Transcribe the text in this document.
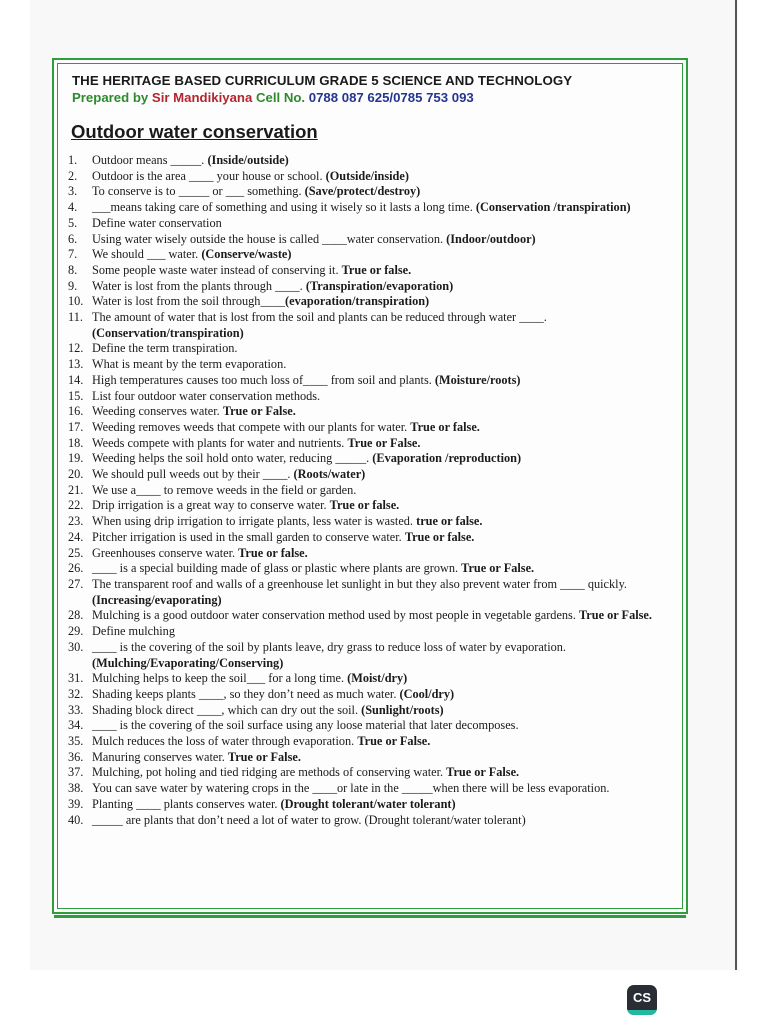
THE HERITAGE BASED CURRICULUM GRADE 5 SCIENCE AND TECHNOLOGY
Prepared by Sir Mandikiyana Cell No. 0788 087 625/0785 753 093
Outdoor water conservation
1.	Outdoor means _____. (Inside/outside)
2.	Outdoor is the area ____ your house or school. (Outside/inside)
3.	To conserve is to _____ or ___ something. (Save/protect/destroy)
4.	___means taking care of something and using it wisely so it lasts a long time. (Conservation /transpiration)
5.	Define water conservation
6.	Using water wisely outside the house is called ____water conservation. (Indoor/outdoor)
7.	We should ___ water. (Conserve/waste)
8.	Some people waste water instead of conserving it. True or false.
9.	Water is lost from the plants through ____. (Transpiration/evaporation)
10. Water is lost from the soil through____(evaporation/transpiration)
11. The amount of water that is lost from the soil and plants can be reduced through water ____. (Conservation/transpiration)
12. Define the term transpiration.
13. What is meant by the term evaporation.
14. High temperatures causes too much loss of____ from soil and plants. (Moisture/roots)
15. List four outdoor water conservation methods.
16. Weeding conserves water. True or False.
17. Weeding removes weeds that compete with our plants for water. True or false.
18. Weeds compete with plants for water and nutrients. True or False.
19. Weeding helps the soil hold onto water, reducing _____. (Evaporation /reproduction)
20. We should pull weeds out by their ____. (Roots/water)
21. We use a____ to remove weeds in the field or garden.
22. Drip irrigation is a great way to conserve water. True or false.
23. When using drip irrigation to irrigate plants, less water is wasted. true or false.
24. Pitcher irrigation is used in the small garden to conserve water. True or false.
25. Greenhouses conserve water. True or false.
26. ____ is a special building made of glass or plastic where plants are grown. True or False.
27. The transparent roof and walls of a greenhouse let sunlight in but they also prevent water from ____ quickly. (Increasing/evaporating)
28. Mulching is a good outdoor water conservation method used by most people in vegetable gardens. True or False.
29. Define mulching
30. ____ is the covering of the soil by plants leave, dry grass to reduce loss of water by evaporation. (Mulching/Evaporating/Conserving)
31. Mulching helps to keep the soil___ for a long time. (Moist/dry)
32. Shading keeps plants ____, so they don’t need as much water. (Cool/dry)
33. Shading block direct ____, which can dry out the soil. (Sunlight/roots)
34. ____ is the covering of the soil surface using any loose material that later decomposes.
35. Mulch reduces the loss of water through evaporation. True or False.
36. Manuring conserves water. True or False.
37. Mulching, pot holing and tied ridging are methods of conserving water. True or False.
38. You can save water by watering crops in the ____or late in the _____when there will be less evaporation.
39. Planting ____ plants conserves water. (Drought tolerant/water tolerant)
40. _____ are plants that don’t need a lot of water to grow. (Drought tolerant/water tolerant)
CS
